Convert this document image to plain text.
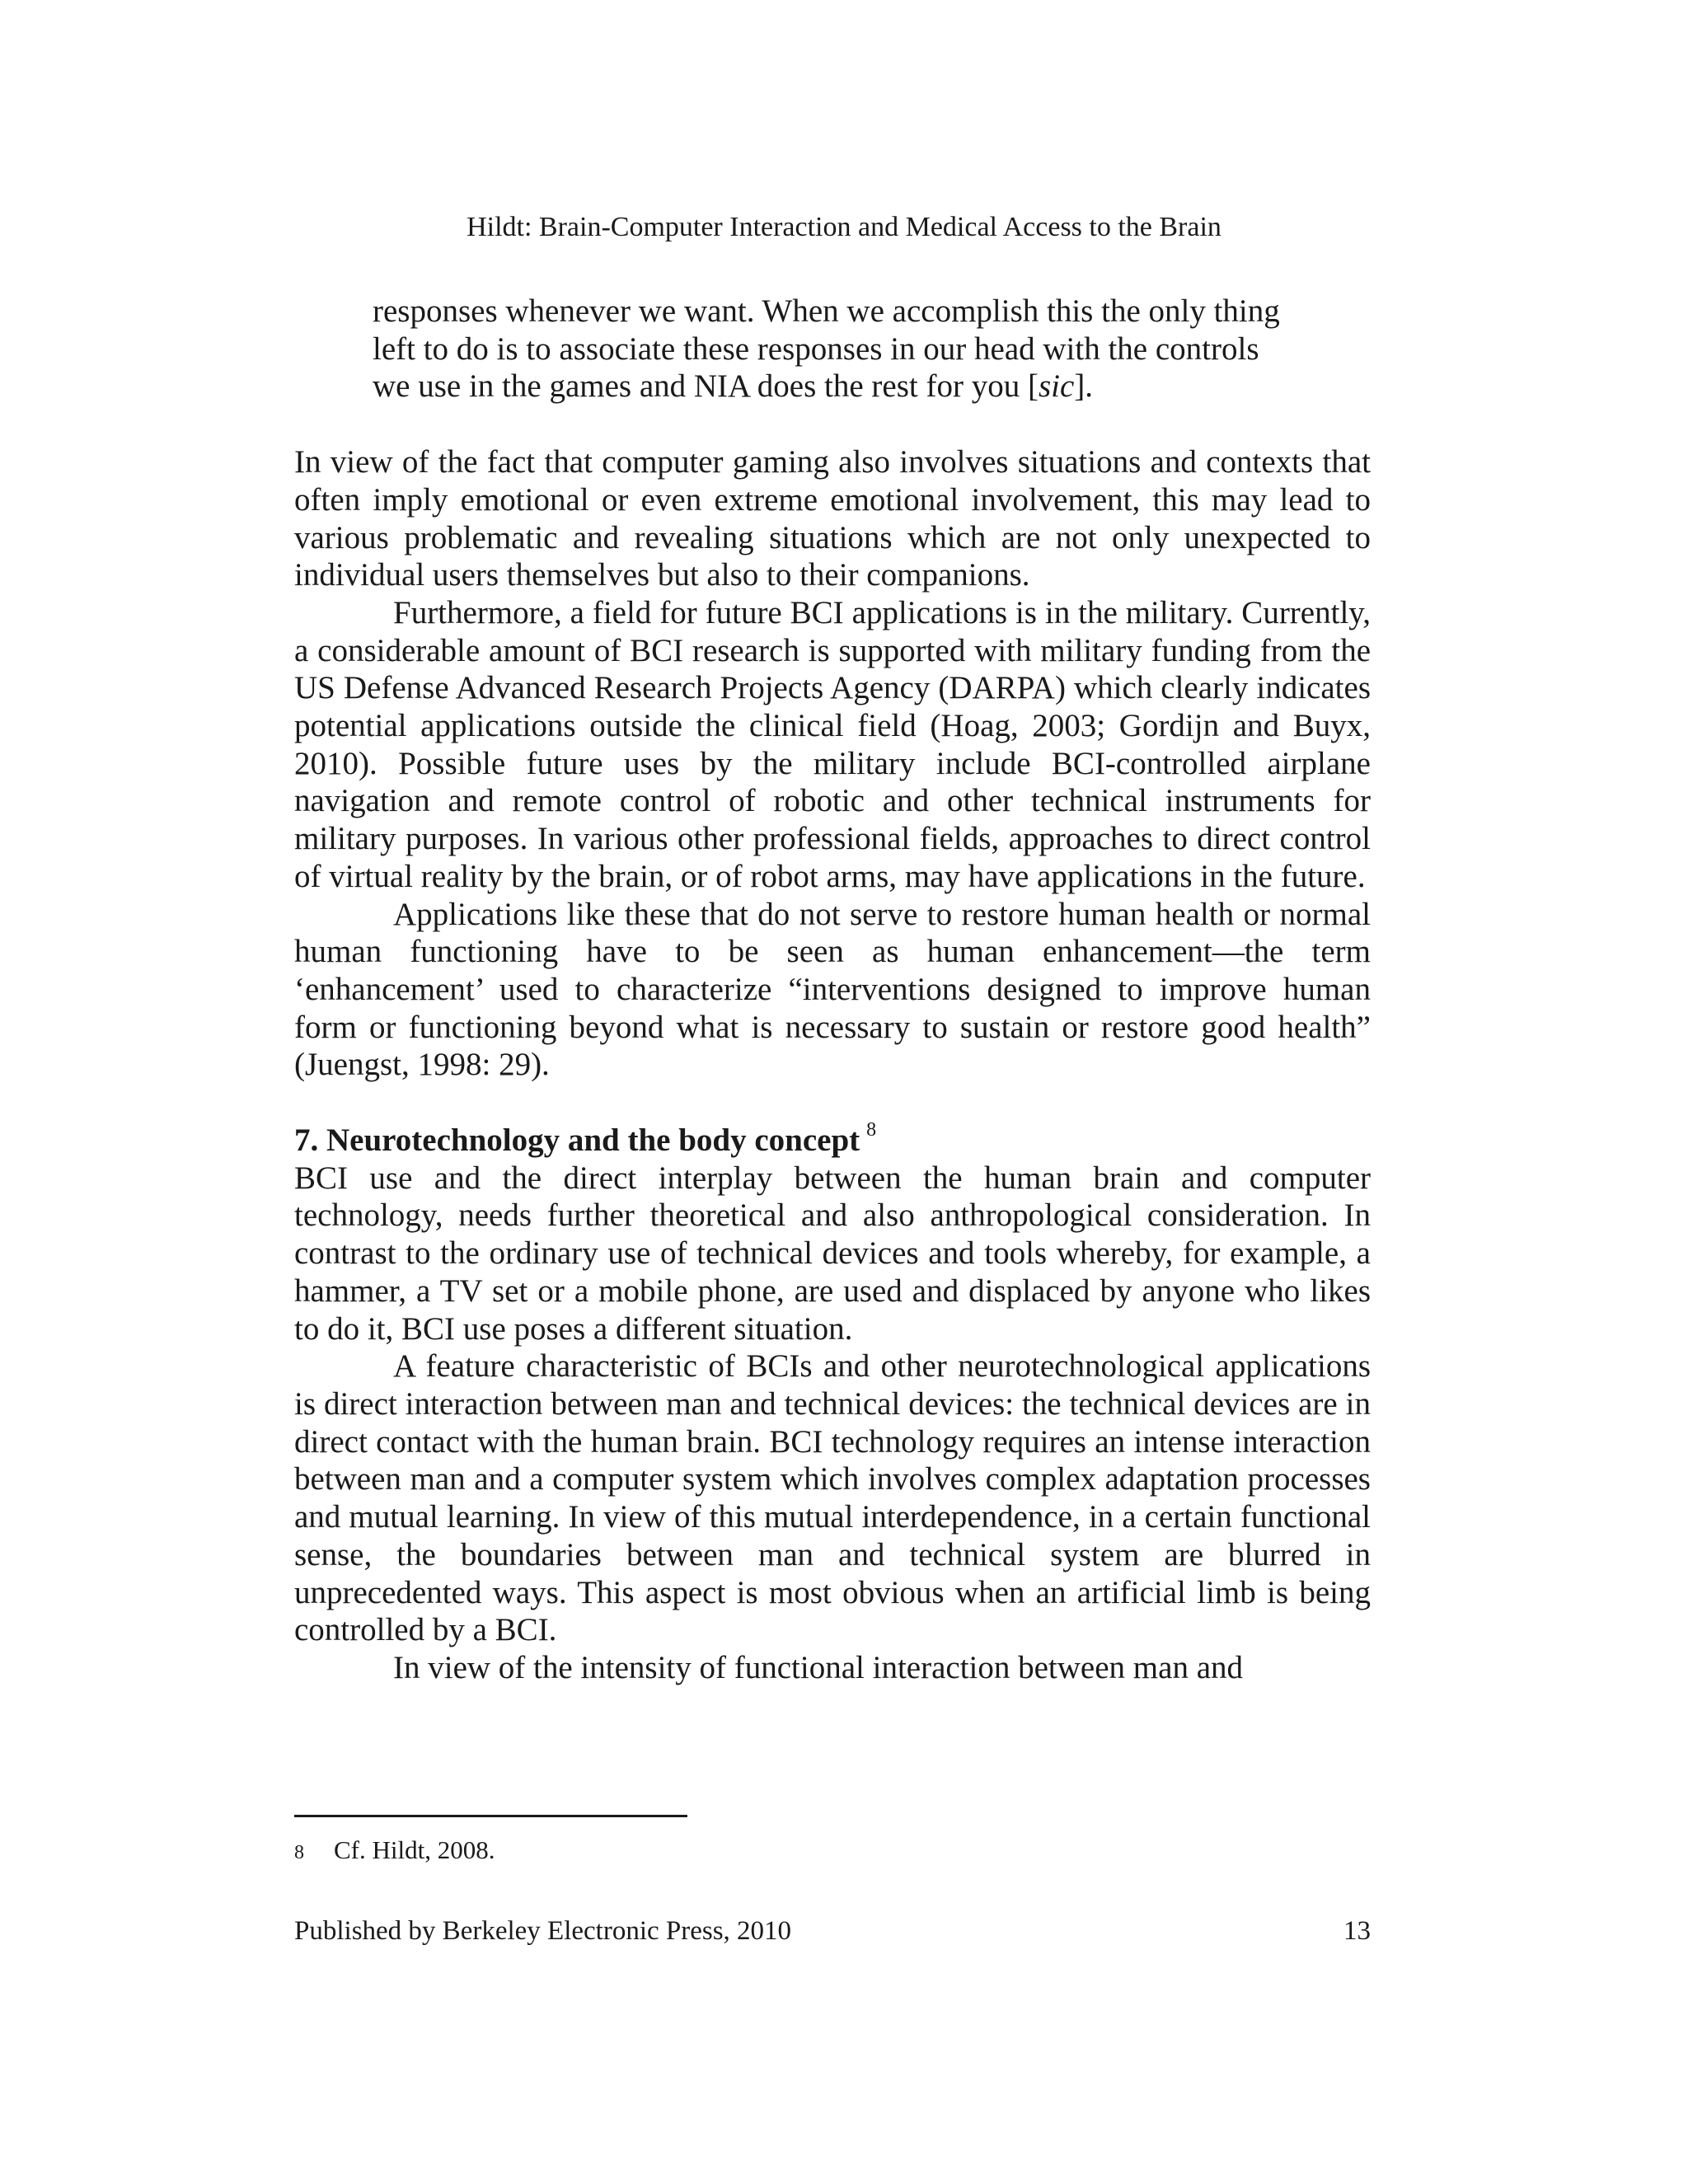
Hildt: Brain-Computer Interaction and Medical Access to the Brain

responses whenever we want. When we accomplish this the only thing

left to do is to associate these responses in our head with the controls

we use in the games and NIA does the rest for you [sic].

In view of the fact that computer gaming also involves situations and contexts that often imply emotional or even extreme emotional involvement, this may lead to various problematic and revealing situations which are not only unexpected to individual users themselves but also to their companions.

Furthermore, a field for future BCI applications is in the military. Currently, a considerable amount of BCI research is supported with military funding from the US Defense Advanced Research Projects Agency (DARPA) which clearly indicates potential applications outside the clinical field (Hoag, 2003; Gordijn and Buyx, 2010). Possible future uses by the military include BCI-controlled airplane navigation and remote control of robotic and other technical instruments for military purposes. In various other professional fields, approaches to direct control of virtual reality by the brain, or of robot arms, may have applications in the future.

Applications like these that do not serve to restore human health or normal human functioning have to be seen as human enhancement—the term ‘enhancement’ used to characterize “interventions designed to improve human form or functioning beyond what is necessary to sustain or restore good health” (Juengst, 1998: 29).

7. Neurotechnology and the body concept $^8$

BCI use and the direct interplay between the human brain and computer technology, needs further theoretical and also anthropological consideration. In contrast to the ordinary use of technical devices and tools whereby, for example, a hammer, a TV set or a mobile phone, are used and displaced by anyone who likes to do it, BCI use poses a different situation.

A feature characteristic of BCIs and other neurotechnological applications is direct interaction between man and technical devices: the technical devices are in direct contact with the human brain. BCI technology requires an intense interaction between man and a computer system which involves complex adaptation processes and mutual learning. In view of this mutual interdependence, in a certain functional sense, the boundaries between man and technical system are blurred in unprecedented ways. This aspect is most obvious when an artificial limb is being controlled by a BCI.

In view of the intensity of functional interaction between man and

8 Cf. Hildt, 2008.
Published by Berkeley Electronic Press, 2010	13
